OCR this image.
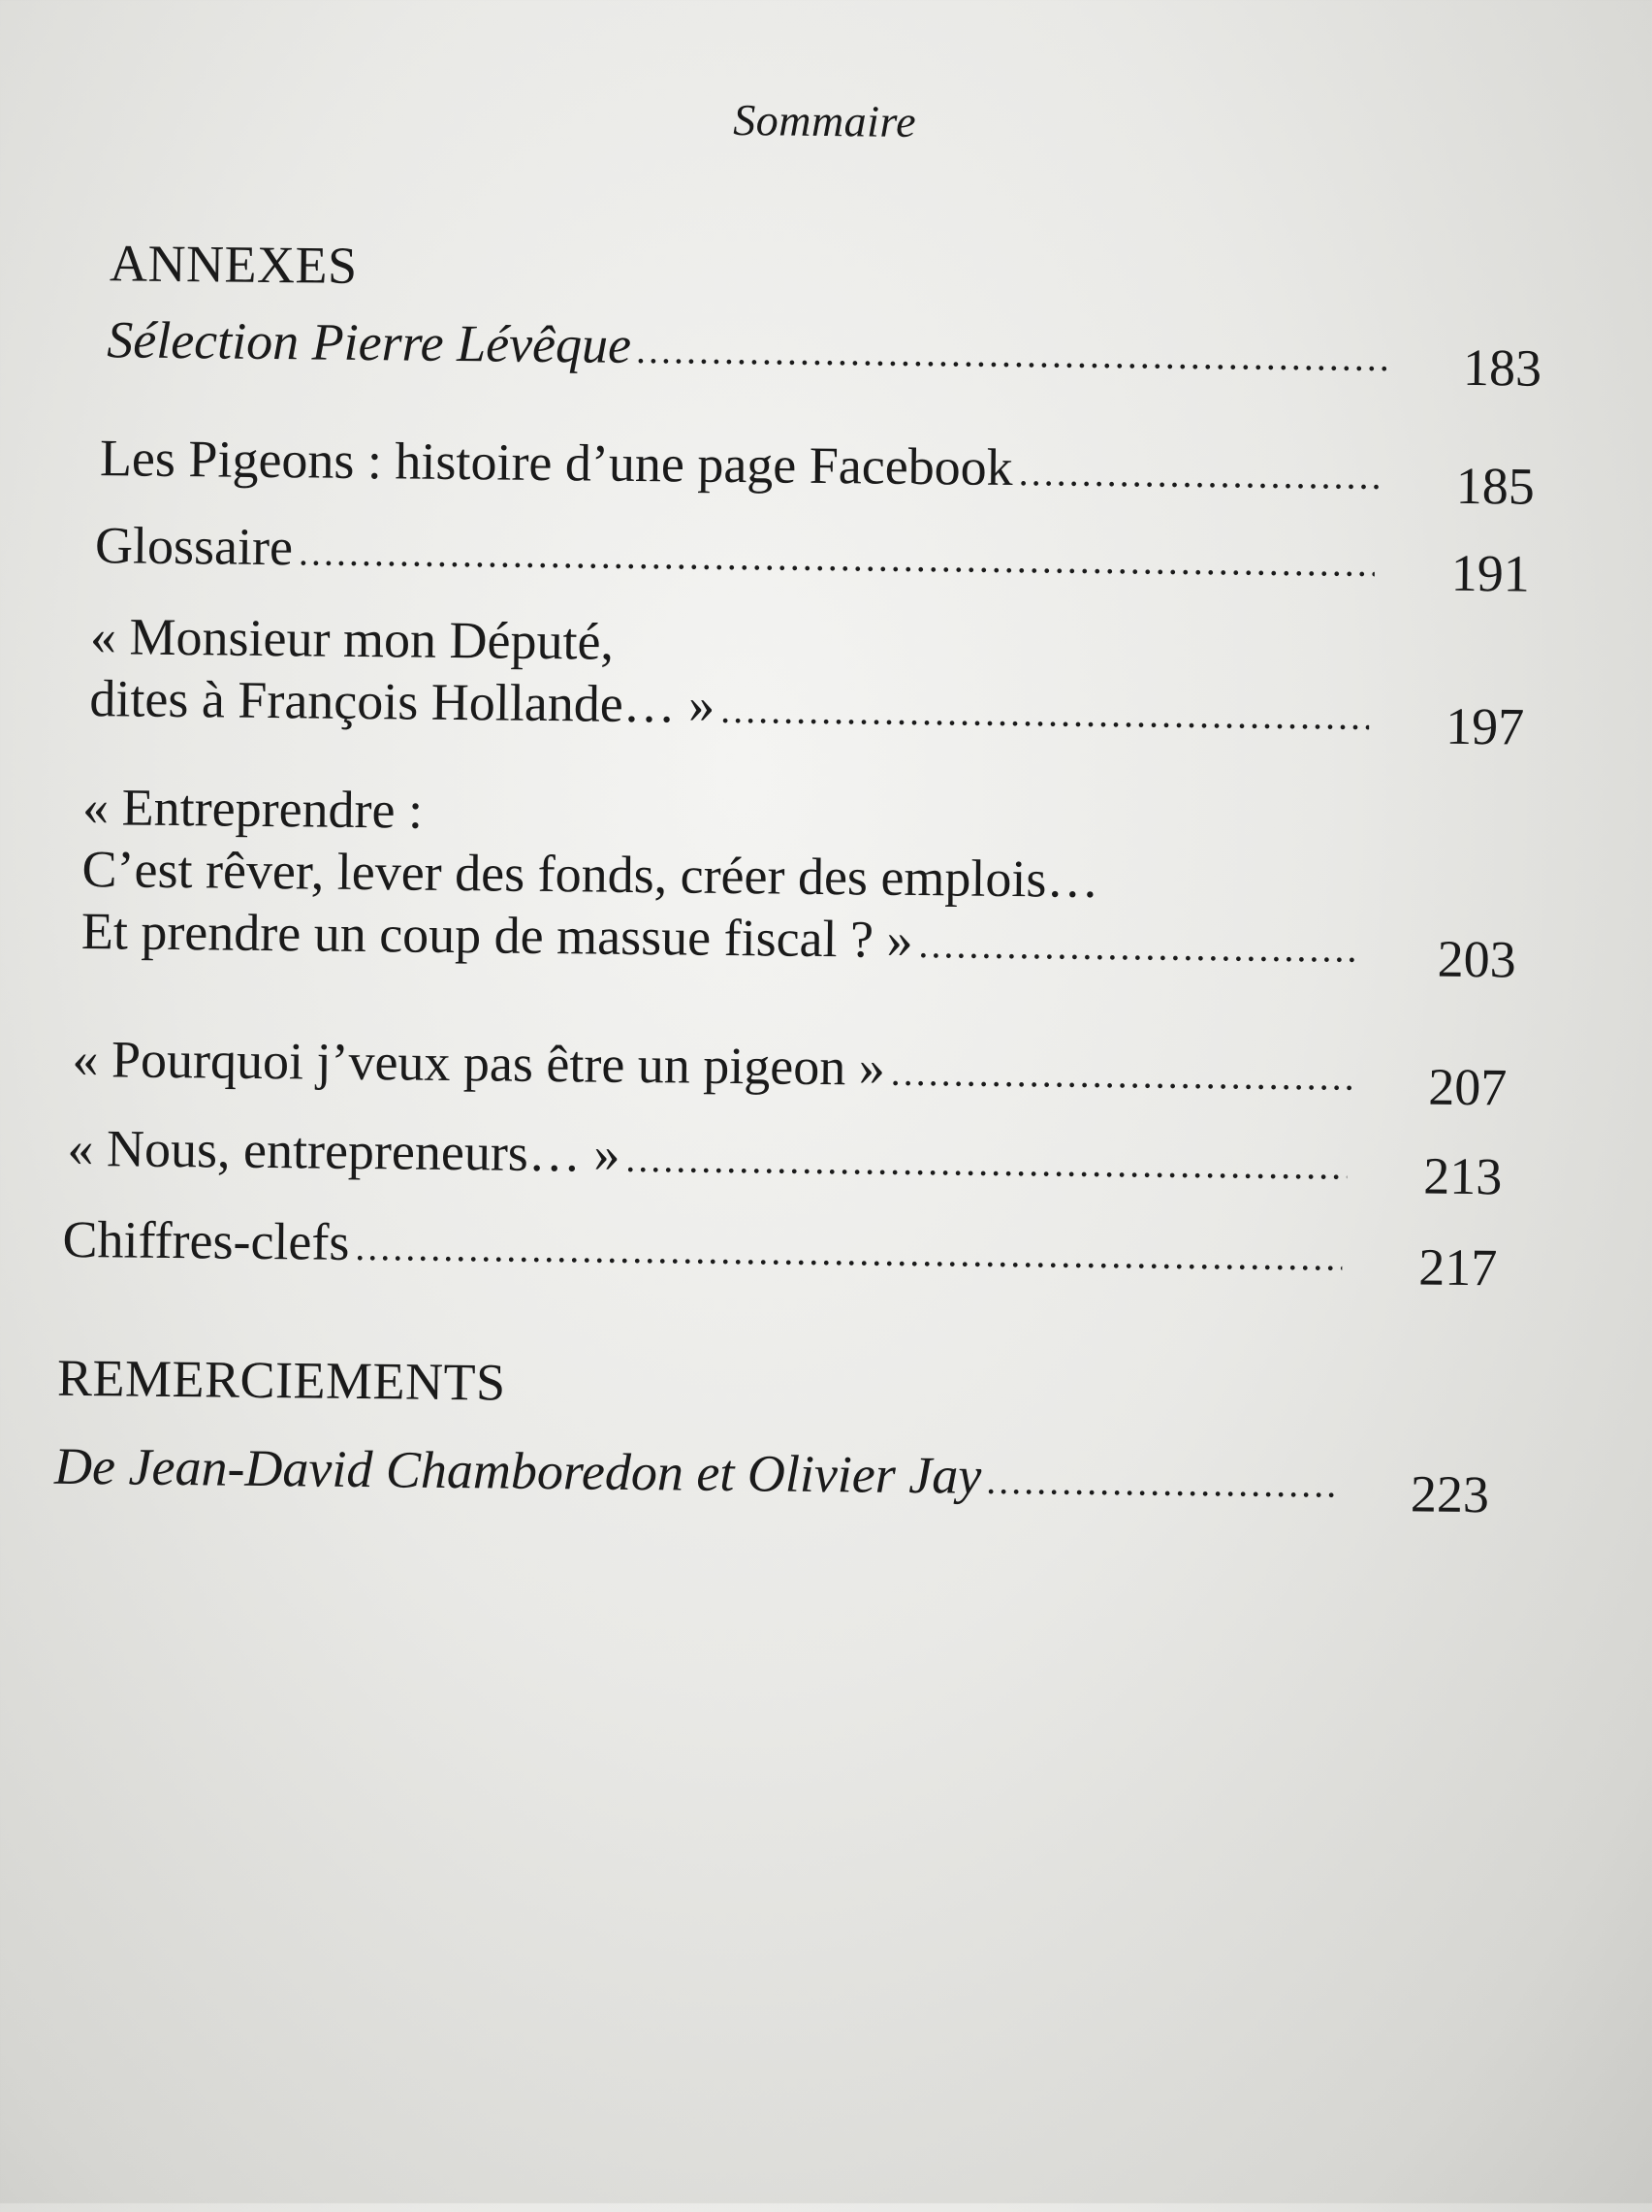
Sommaire
ANNEXES
Sélection Pierre Lévêque .....	183
Les Pigeons : histoire d’une page Facebook .....	185
Glossaire .....	191
« Monsieur mon Député,
dites à François Hollande… » .....	197
« Entreprendre :
C’est rêver, lever des fonds, créer des emplois…
Et prendre un coup de massue fiscal ? » .....	203
« Pourquoi j’veux pas être un pigeon » .....	207
« Nous, entrepreneurs… » .....	213
Chiffres-clefs .....	217
REMERCIEMENTS
De Jean-David Chamboredon et Olivier Jay .....	223
